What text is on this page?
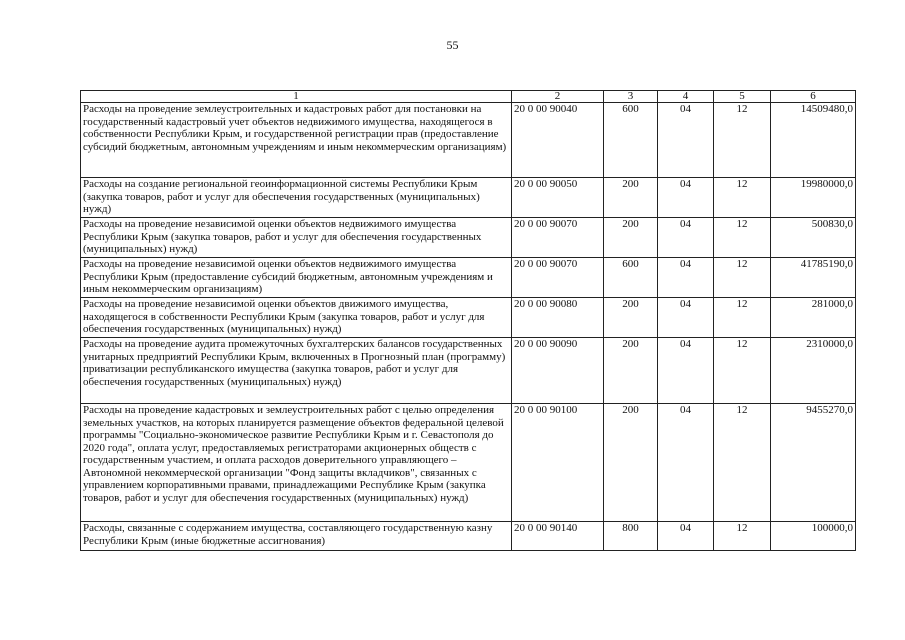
55
1	2	3	4	5	6
Расходы на проведение землеустроительных и кадастровых работ для постановки на государственный кадастровый учет объектов недвижимого имущества, находящегося в собственности Республики Крым, и государственной регистрации прав (предоставление субсидий бюджетным, автономным учреждениям и иным некоммерческим организациям)	20 0 00 90040	600	04	12	14509480,0
Расходы на создание региональной геоинформационной системы Республики Крым (закупка товаров, работ и услуг для обеспечения государственных (муниципальных) нужд)	20 0 00 90050	200	04	12	19980000,0
Расходы на проведение независимой оценки объектов недвижимого имущества Республики Крым (закупка товаров, работ и услуг для обеспечения государственных (муниципальных) нужд)	20 0 00 90070	200	04	12	500830,0
Расходы на проведение независимой оценки объектов недвижимого имущества Республики Крым (предоставление субсидий бюджетным, автономным учреждениям и иным некоммерческим организациям)	20 0 00 90070	600	04	12	41785190,0
Расходы на проведение независимой оценки объектов движимого имущества, находящегося в собственности Республики Крым (закупка товаров, работ и услуг для обеспечения государственных (муниципальных) нужд)	20 0 00 90080	200	04	12	281000,0
Расходы на проведение аудита промежуточных бухгалтерских балансов государственных унитарных предприятий Республики Крым, включенных в Прогнозный план (программу) приватизации республиканского имущества (закупка товаров, работ и услуг для обеспечения государственных (муниципальных) нужд)	20 0 00 90090	200	04	12	2310000,0
Расходы на проведение кадастровых и землеустроительных работ с целью определения земельных участков, на которых планируется размещение объектов федеральной целевой программы "Социально-экономическое развитие Республики Крым и г. Севастополя до 2020 года", оплата услуг, предоставляемых регистраторами акционерных обществ с государственным участием, и оплата расходов доверительного управляющего – Автономной некоммерческой организации "Фонд защиты вкладчиков", связанных с управлением корпоративными правами, принадлежащими Республике Крым (закупка товаров, работ и услуг для обеспечения государственных (муниципальных) нужд)	20 0 00 90100	200	04	12	9455270,0
Расходы, связанные с содержанием имущества, составляющего государственную казну Республики Крым (иные бюджетные ассигнования)	20 0 00 90140	800	04	12	100000,0
